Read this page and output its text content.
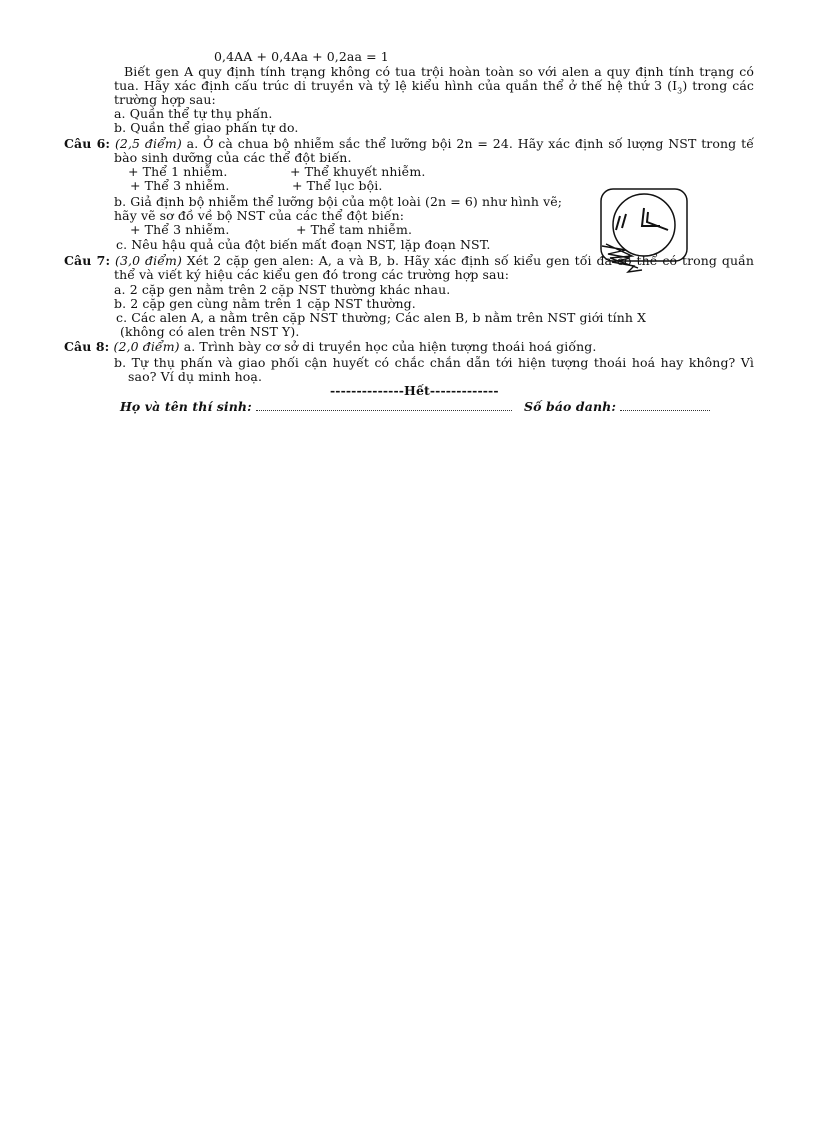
0,4AA + 0,4Aa + 0,2aa = 1
Biết gen A quy định tính trạng không có tua trội hoàn toàn so với alen a quy định tính trạng có
tua. Hãy xác định cấu trúc di truyền và tỷ lệ kiểu hình của quần thể ở thế hệ thứ 3 $(I_3)$ trong các
trường hợp sau:
a. Quần thể tự thụ phấn.
b. Quần thể giao phấn tự do.
Câu 6: (2,5 điểm) a. Ở cà chua bộ nhiễm sắc thể lưỡng bội 2n = 24. Hãy xác định số lượng NST trong tế
bào sinh dưỡng của các thể đột biến.
+ Thể 1 nhiễm.	+ Thể khuyết nhiễm.
+ Thể 3 nhiễm.	+ Thể lục bội.
b. Giả định bộ nhiễm thể lưỡng bội của một loài (2n = 6) như hình vẽ;
hãy vẽ sơ đồ về bộ NST của các thể đột biến:
+ Thể 3 nhiễm.	+ Thể tam nhiễm.
c. Nêu hậu quả của đột biến mất đoạn NST, lặp đoạn NST.
Câu 7: (3,0 điểm) Xét 2 cặp gen alen: A, a và B, b. Hãy xác định số kiểu gen tối đa có thể có trong quần
thể và viết ký hiệu các kiểu gen đó trong các trường hợp sau:
a. 2 cặp gen nằm trên 2 cặp NST thường khác nhau.
b. 2 cặp gen cùng nằm trên 1 cặp NST thường.
c. Các alen A, a nằm trên cặp NST thường; Các alen B, b nằm trên NST giới tính X
(không có alen trên NST Y).
Câu 8: (2,0 điểm) a. Trình bày cơ sở di truyền học của hiện tượng thoái hoá giống.
b. Tự thụ phấn và giao phối cận huyết có chắc chắn dẫn tới hiện tượng thoái hoá hay không? Vì
sao? Ví dụ minh hoạ.
--------------Hết-------------
Họ và tên thí sinh:	Số báo danh:
